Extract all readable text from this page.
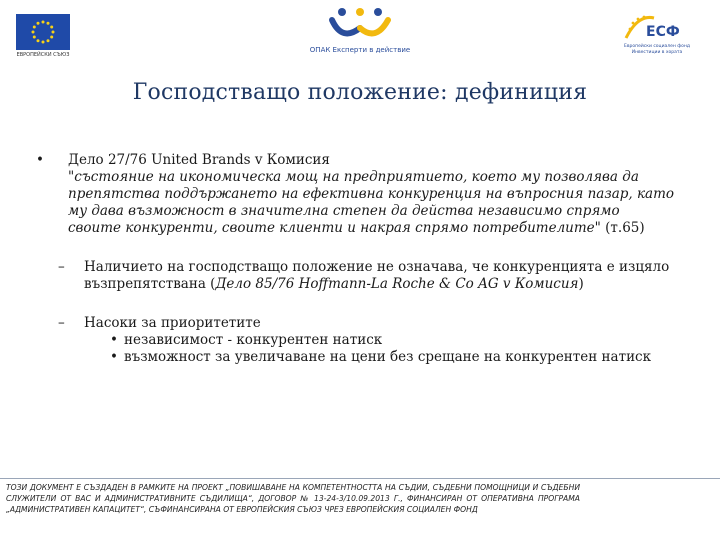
ЕВРОПЕЙСКИ СЪЮЗ
ОПАК Експерти в действие
ЕСФ
Европейски социален фонд
Инвестиции в хората
Господстващо положение: дефиниция
•	Дело 27/76 United Brands v Комисия
"състояние на икономическа мощ на предприятието, което му позволява да препятства поддържането на ефективна конкуренция на въпросния пазар, като му дава възможност в значителна степен да действа независимо спрямо своите конкуренти, своите клиенти и накрая спрямо потребителите" (т.65)
–	Наличието на господстващо положение не означава, че конкуренцията е изцяло възпрепятствана (Дело 85/76 Hoffmann-La Roche & Co AG v Комисия)
–	Насоки за приоритетите
• независимост - конкурентен натиск
• възможност за увеличаване на цени без срещане на конкурентен натиск
ТОЗИ ДОКУМЕНТ Е СЪЗДАДЕН В РАМКИТЕ НА ПРОЕКТ „ПОВИШАВАНЕ НА КОМПЕТЕНТНОСТТА НА СЪДИИ, СЪДЕБНИ ПОМОЩНИЦИ И СЪДЕБНИ СЛУЖИТЕЛИ ОТ ВАС И АДМИНИСТРАТИВНИТЕ СЪДИЛИЩА“, ДОГОВОР № 13-24-3/10.09.2013 Г., ФИНАНСИРАН ОТ ОПЕРАТИВНА ПРОГРАМА „АДМИНИСТРАТИВЕН КАПАЦИТЕТ“, СЪФИНАНСИРАНА ОТ ЕВРОПЕЙСКИЯ СЪЮЗ ЧРЕЗ ЕВРОПЕЙСКИЯ СОЦИАЛЕН ФОНД
